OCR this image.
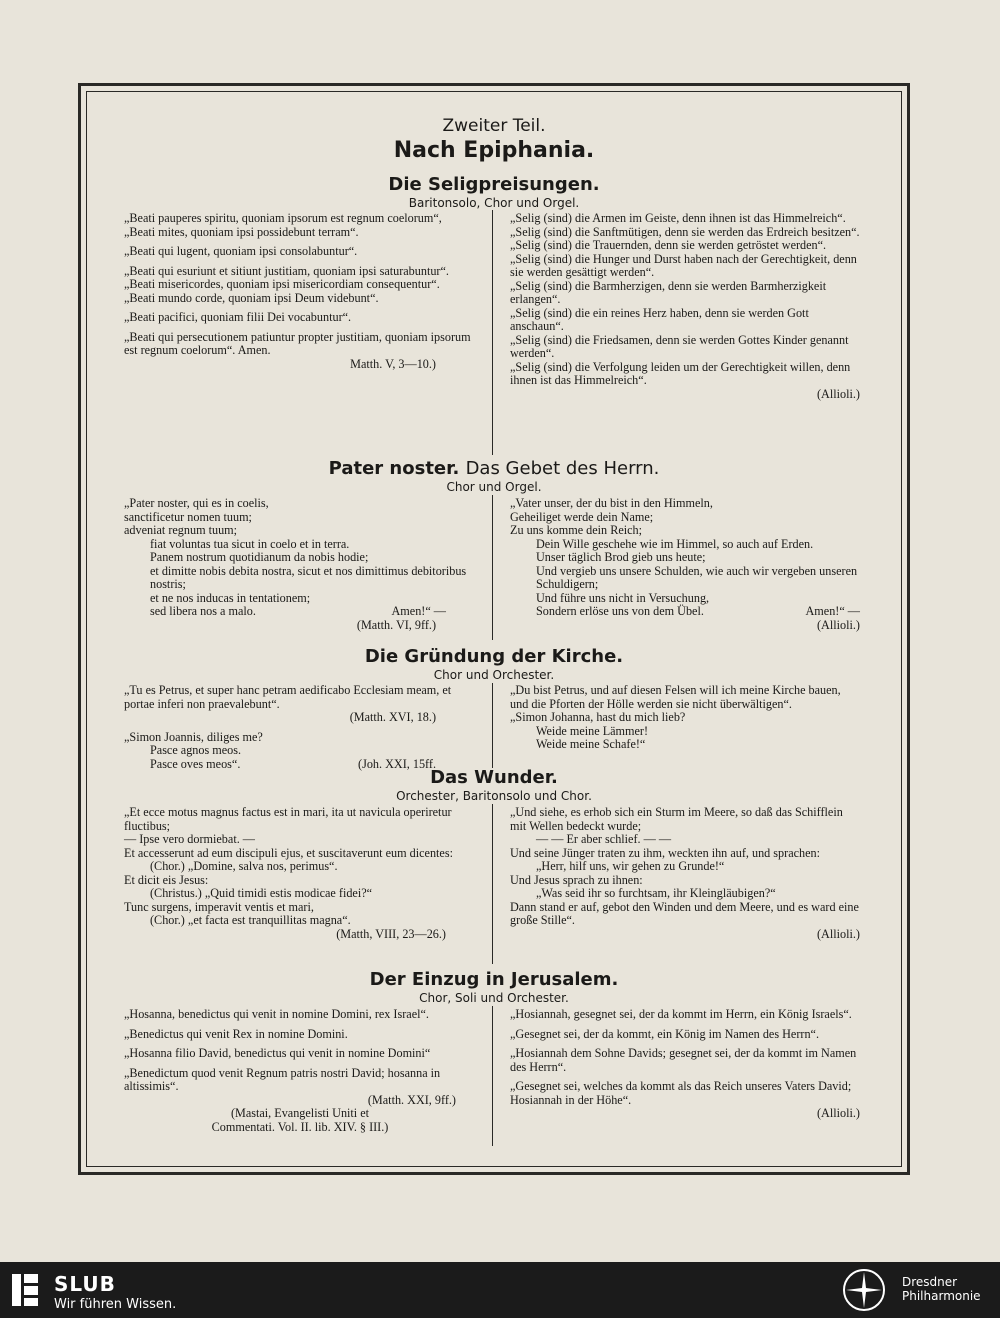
Zweiter Teil.
Nach Epiphania.
Die Seligpreisungen.
Baritonsolo, Chor und Orgel.

„Beati pauperes spiritu, quoniam ipsorum est regnum coelorum“,

„Beati mites, quoniam ipsi possidebunt terram“.

„Beati qui lugent, quoniam ipsi consolabuntur“.

„Beati qui esuriunt et sitiunt justitiam, quoniam ipsi saturabuntur“.

„Beati misericordes, quoniam ipsi misericordiam consequentur“.

„Beati mundo corde, quoniam ipsi Deum videbunt“.

„Beati pacifici, quoniam filii Dei vocabuntur“.

„Beati qui persecutionem patiuntur propter justitiam, quoniam ipsorum est regnum coelorum“. Amen.

Matth. V, 3—10.)

„Selig (sind) die Armen im Geiste, denn ihnen ist das Himmelreich“.

„Selig (sind) die Sanftmütigen, denn sie werden das Erdreich besitzen“.

„Selig (sind) die Trauernden, denn sie werden getröstet werden“.

„Selig (sind) die Hunger und Durst haben nach der Gerechtigkeit, denn sie werden gesättigt werden“.

„Selig (sind) die Barmherzigen, denn sie werden Barmherzigkeit erlangen“.

„Selig (sind) die ein reines Herz haben, denn sie werden Gott anschaun“.

„Selig (sind) die Friedsamen, denn sie werden Gottes Kinder genannt werden“.

„Selig (sind) die Verfolgung leiden um der Gerechtigkeit willen, denn ihnen ist das Himmelreich“.

(Allioli.)

Pater noster. Das Gebet des Herrn.
Chor und Orgel.

„Pater noster, qui es in coelis,

sanctificetur nomen tuum;

adveniat regnum tuum;

fiat voluntas tua sicut in coelo et in terra.

Panem nostrum quotidianum da nobis hodie;

et dimitte nobis debita nostra, sicut et nos dimittimus debitoribus nostris;

et ne nos inducas in tentationem;

sed libera nos a malo.	Amen!“ —

(Matth. VI, 9ff.)

„Vater unser, der du bist in den Himmeln,

Geheiliget werde dein Name;

Zu uns komme dein Reich;

Dein Wille geschehe wie im Himmel, so auch auf Erden.

Unser täglich Brod gieb uns heute;

Und vergieb uns unsere Schulden, wie auch wir vergeben unseren Schuldigern;

Und führe uns nicht in Versuchung,

Sondern erlöse uns von dem Übel.	Amen!“ —

(Allioli.)

Die Gründung der Kirche.
Chor und Orchester.

„Tu es Petrus, et super hanc petram aedificabo Ecclesiam meam, et portae inferi non praevalebunt“.

(Matth. XVI, 18.)

„Simon Joannis, diliges me?

Pasce agnos meos.

Pasce oves meos“.	(Joh. XXI, 15ff.

„Du bist Petrus, und auf diesen Felsen will ich meine Kirche bauen, und die Pforten der Hölle werden sie nicht überwältigen“.

„Simon Johanna, hast du mich lieb?

Weide meine Lämmer!

Weide meine Schafe!“

Das Wunder.
Orchester, Baritonsolo und Chor.

„Et ecce motus magnus factus est in mari, ita ut navicula operiretur fluctibus;

— Ipse vero dormiebat. —

Et accesserunt ad eum discipuli ejus, et suscitaverunt eum dicentes:

(Chor.) „Domine, salva nos, perimus“.

Et dicit eis Jesus:

(Christus.) „Quid timidi estis modicae fidei?“

Tunc surgens, imperavit ventis et mari,

(Chor.) „et facta est tranquillitas magna“.

(Matth, VIII, 23—26.)

„Und siehe, es erhob sich ein Sturm im Meere, so daß das Schifflein mit Wellen bedeckt wurde;

— — Er aber schlief. — —

Und seine Jünger traten zu ihm, weckten ihn auf, und sprachen:

„Herr, hilf uns, wir gehen zu Grunde!“

Und Jesus sprach zu ihnen:

„Was seid ihr so furchtsam, ihr Kleingläubigen?“

Dann stand er auf, gebot den Winden und dem Meere, und es ward eine große Stille“.

(Allioli.)

Der Einzug in Jerusalem.
Chor, Soli und Orchester.

„Hosanna, benedictus qui venit in nomine Domini, rex Israel“.

„Benedictus qui venit Rex in nomine Domini.

„Hosanna filio David, benedictus qui venit in nomine Domini“

„Benedictum quod venit Regnum patris nostri David; hosanna in altissimis“.

(Matth. XXI, 9ff.)

(Mastai, Evangelisti Uniti et

Commentati. Vol. II. lib. XIV. § III.)

„Hosiannah, gesegnet sei, der da kommt im Herrn, ein König Israels“.

„Gesegnet sei, der da kommt, ein König im Namen des Herrn“.

„Hosiannah dem Sohne Davids; gesegnet sei, der da kommt im Namen des Herrn“.

„Gesegnet sei, welches da kommt als das Reich unseres Vaters David; Hosiannah in der Höhe“.

(Allioli.)

SLUB
Wir führen Wissen.
Dresdner
Philharmonie
